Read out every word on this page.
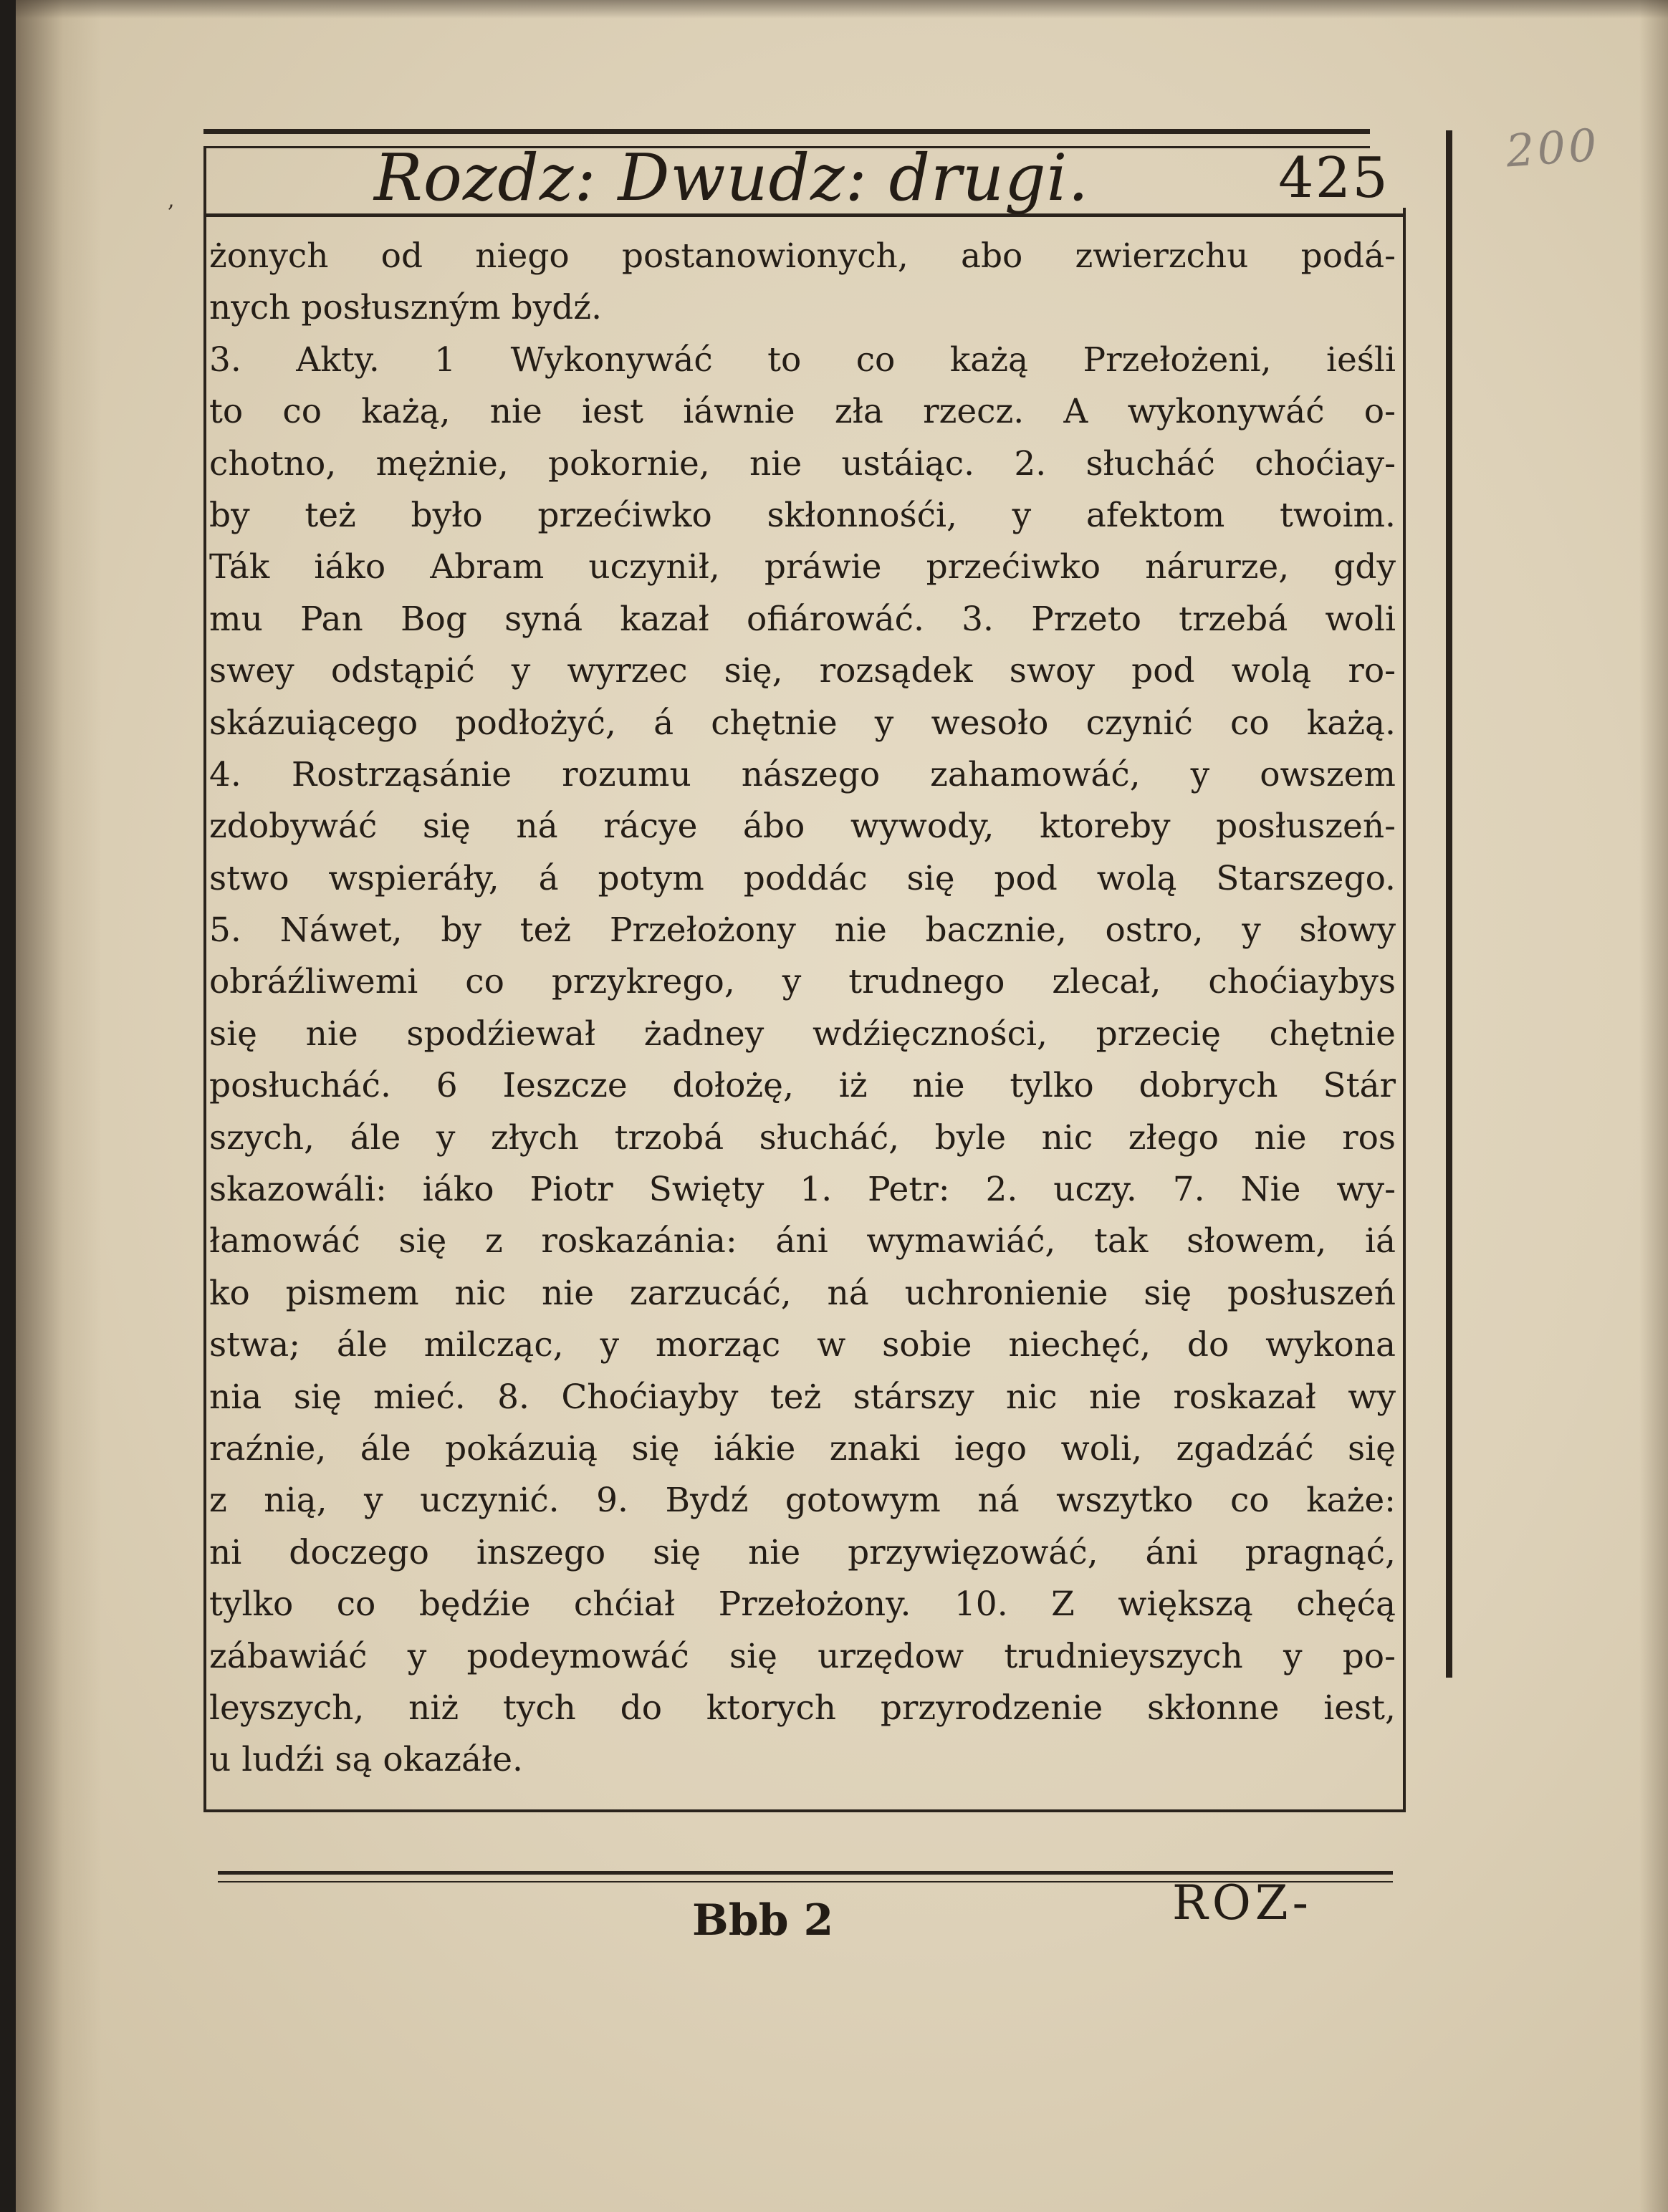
,
200
Rozdz: Dwudz: drugi.	425
żonych od niego postanowionych, abo zwierzchu podá-
nych posłuszným bydź.
3. Akty. 1 Wykonywáć to co każą Przełożeni, ieśli
to co każą, nie iest iáwnie zła rzecz. A wykonywáć o-
chotno, mężnie, pokornie, nie ustáiąc. 2. słucháć choćiay-
by też było przećiwko skłonnośći, y afektom twoim.
Ták iáko Abram uczynił, práwie przećiwko nárurze, gdy
mu Pan Bog syná kazał ofiárowáć. 3. Przeto trzebá woli
swey odstąpić y wyrzec się, rozsądek swoy pod wolą ro-
skázuiącego podłożyć, á chętnie y wesoło czynić co każą.
4. Rostrząsánie rozumu nászego zahamowáć, y owszem
zdobywáć się ná rácye ábo wywody, ktoreby posłuszeń-
stwo wspieráły, á potym poddác się pod wolą Starszego.
5. Náwet, by też Przełożony nie bacznie, ostro, y słowy
obráźliwemi co przykrego, y trudnego zlecał, choćiaybys
się nie spodźiewał żadney wdźięczności, przecię chętnie
posłucháć. 6 Ieszcze dołożę, iż nie tylko dobrych Stár
szych, ále y złych trzobá słucháć, byle nic złego nie ros
skazowáli: iáko Piotr Swięty 1. Petr: 2. uczy. 7. Nie wy-
łamowáć się z roskazánia: áni wymawiáć, tak słowem, iá
ko pismem nic nie zarzucáć, ná uchronienie się posłuszeń
stwa; ále milcząc, y morząc w sobie niechęć, do wykona
nia się mieć. 8. Choćiayby też stárszy nic nie roskazał wy
raźnie, ále pokázuią się iákie znaki iego woli, zgadzáć się
z nią, y uczynić. 9. Bydź gotowym ná wszytko co każe:
ni doczego inszego się nie przywięzowáć, áni pragnąć,
tylko co będźie chćiał Przełożony. 10. Z większą chęćą
zábawiáć y podeymowáć się urzędow trudnieyszych y po-
leyszych, niż tych do ktorych przyrodzenie skłonne iest,
u ludźi są okazáłe.
Bbb 2	ROZ-
